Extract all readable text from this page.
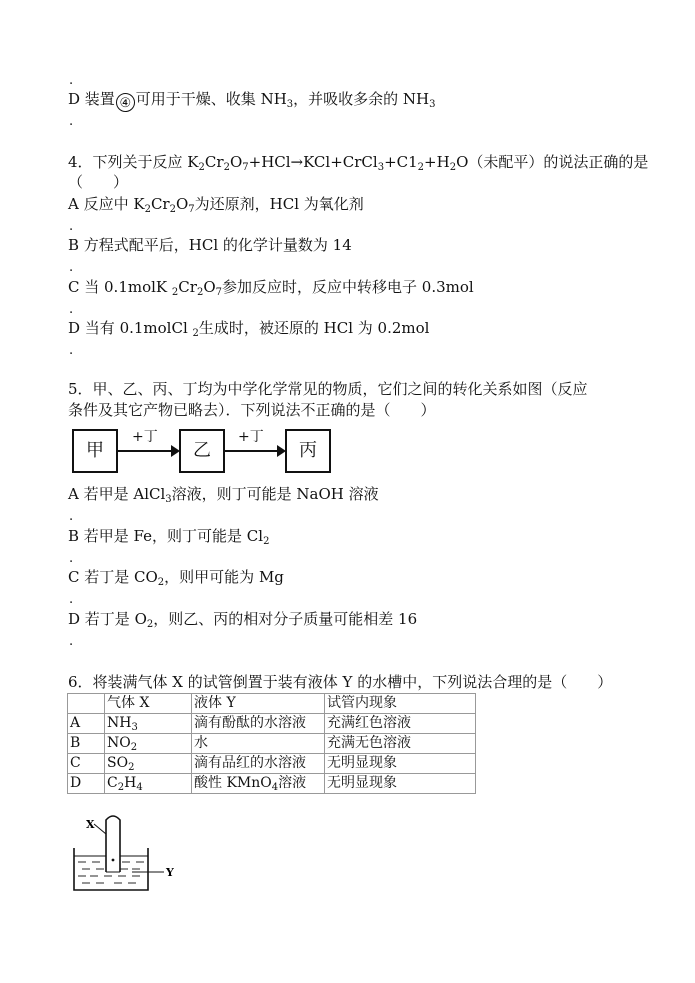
.
D 装置 ④ 可用于干燥、收集 $NH_3$，并吸收多余的 $NH_3$
.
4．下列关于反应 $K_2Cr_2O_7+HCl\to KCl+CrCl_3+C1_2+H_2O$（未配平）的说法正确的是
（　　）
A 反应中 $K_2Cr_2O_7$为还原剂，HCl 为氧化剂
.
B 方程式配平后，HCl 的化学计量数为 14
.
C 当 0.1molK $_2Cr_2O_7$参加反应时，反应中转移电子 0.3mol
.
D 当有 0.1molCl $_2$生成时，被还原的 HCl 为 0.2mol
.
5．甲、乙、丙、丁均为中学化学常见的物质，它们之间的转化关系如图（反应
条件及其它产物已略去）．下列说法不正确的是（　　）
甲
+丁
乙
+丁
丙
A 若甲是 AlCl$_3$溶液，则丁可能是 NaOH 溶液
.
B 若甲是 Fe，则丁可能是 $Cl_2$
.
C 若丁是 $CO_2$，则甲可能为 Mg
.
D 若丁是 $O_2$，则乙、丙的相对分子质量可能相差 16
.
6．将装满气体 X 的试管倒置于装有液体 Y 的水槽中，下列说法合理的是（　　）
	气体 X	液体 Y	试管内现象
A	$NH_3$	滴有酚酞的水溶液	充满红色溶液
B	$NO_2$	水	充满无色溶液
C	$SO_2$	滴有品红的水溶液	无明显现象
D	$C_2H_4$	酸性 KMnO$_4$溶液	无明显现象
X
Y
